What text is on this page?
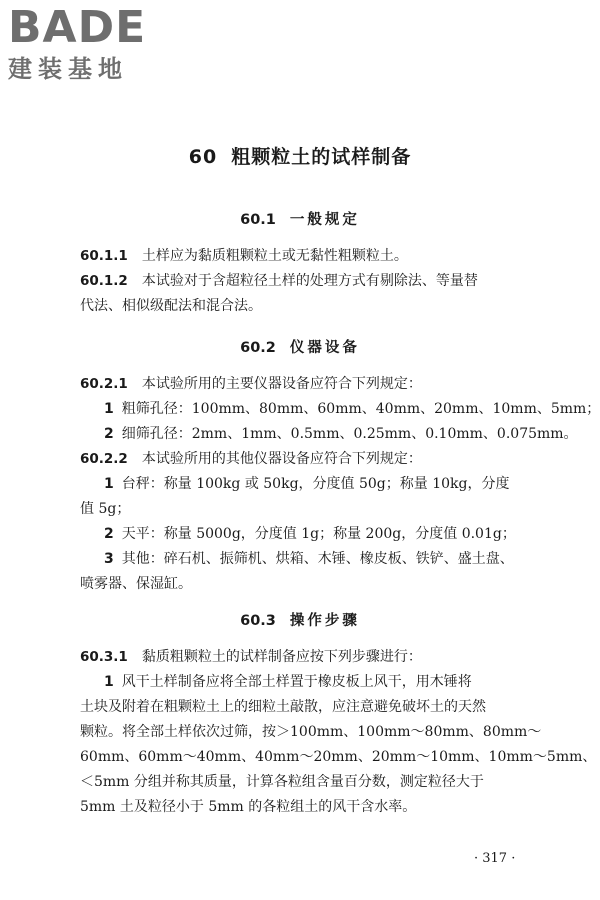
BADE
建装基地
60 粗颗粒土的试样制备
60.1 一般规定
60.1.1 土样应为黏质粗颗粒土或无黏性粗颗粒土。
60.1.2 本试验对于含超粒径土样的处理方式有剔除法、等量替
代法、相似级配法和混合法。
60.2 仪器设备
60.2.1 本试验所用的主要仪器设备应符合下列规定：
1 粗筛孔径：100mm、80mm、60mm、40mm、20mm、10mm、5mm；
2 细筛孔径：2mm、1mm、0.5mm、0.25mm、0.10mm、0.075mm。
60.2.2 本试验所用的其他仪器设备应符合下列规定：
1 台秤：称量 100kg 或 50kg，分度值 50g；称量 10kg，分度
值 5g；
2 天平：称量 5000g，分度值 1g；称量 200g，分度值 0.01g；
3 其他：碎石机、振筛机、烘箱、木锤、橡皮板、铁铲、盛土盘、
喷雾器、保湿缸。
60.3 操作步骤
60.3.1 黏质粗颗粒土的试样制备应按下列步骤进行：
1 风干土样制备应将全部土样置于橡皮板上风干，用木锤将
土块及附着在粗颗粒土上的细粒土敲散，应注意避免破坏土的天然
颗粒。将全部土样依次过筛，按＞100mm、100mm～80mm、80mm～
60mm、60mm～40mm、40mm～20mm、20mm～10mm、10mm～5mm、
＜5mm 分组并称其质量，计算各粒组含量百分数，测定粒径大于
5mm 土及粒径小于 5mm 的各粒组土的风干含水率。
· 317 ·
